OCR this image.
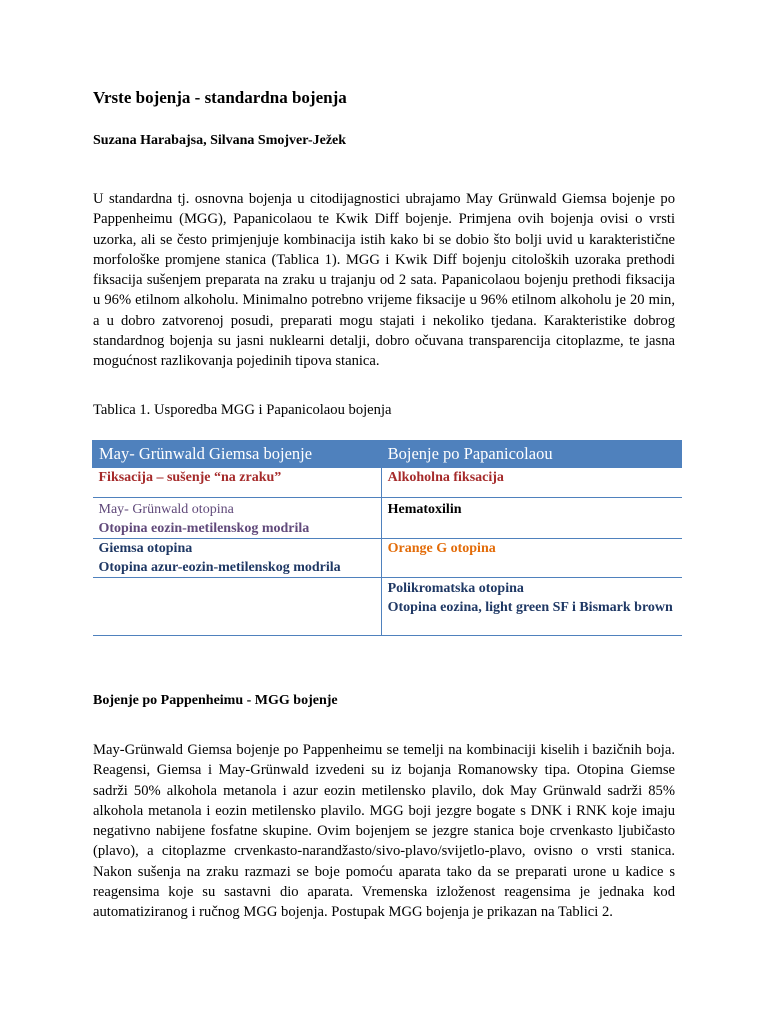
Vrste bojenja - standardna bojenja

Suzana Harabajsa, Silvana Smojver-Ježek

U standardna tj. osnovna bojenja u citodijagnostici ubrajamo May Grünwald Giemsa bojenje po Pappenheimu (MGG), Papanicolaou te Kwik Diff bojenje. Primjena ovih bojenja ovisi o vrsti uzorka, ali se često primjenjuje kombinacija istih kako bi se dobio što bolji uvid u karakteristične morfološke promjene stanica (Tablica 1). MGG i Kwik Diff bojenju citoloških uzoraka prethodi fiksacija sušenjem preparata na zraku u trajanju od 2 sata. Papanicolaou bojenju prethodi fiksacija u 96% etilnom alkoholu. Minimalno potrebno vrijeme fiksacije u 96% etilnom alkoholu je 20 min, a u dobro zatvorenoj posudi, preparati mogu stajati i nekoliko tjedana. Karakteristike dobrog standardnog bojenja su jasni nuklearni detalji, dobro očuvana transparencija citoplazme, te jasna mogućnost razlikovanja pojedinih tipova stanica.

Tablica 1. Usporedba MGG i Papanicolaou bojenja

May- Grünwald Giemsa bojenje	Bojenje po Papanicolaou

Fiksacija – sušenje “na zraku”	Alkoholna fiksacija

May- Grünwald otopina
Otopina eozin-metilenskog modrila	Hematoxilin

Giemsa otopina
Otopina azur-eozin-metilenskog modrila	Orange G otopina

	Polikromatska otopina
Otopina eozina, light green SF i Bismark brown

Bojenje po Pappenheimu - MGG bojenje

May-Grünwald Giemsa bojenje po Pappenheimu se temelji na kombinaciji kiselih i bazičnih boja. Reagensi, Giemsa i May-Grünwald izvedeni su iz bojanja Romanowsky tipa. Otopina Giemse sadrži 50% alkohola metanola i azur eozin metilensko plavilo, dok May Grünwald sadrži 85% alkohola metanola i eozin metilensko plavilo. MGG boji jezgre bogate s DNK i RNK koje imaju negativno nabijene fosfatne skupine. Ovim bojenjem se jezgre stanica boje crvenkasto ljubičasto (plavo), a citoplazme crvenkasto-narandžasto/sivo-plavo/svijetlo-plavo, ovisno o vrsti stanica. Nakon sušenja na zraku razmazi se boje pomoću aparata tako da se preparati urone u kadice s reagensima koje su sastavni dio aparata. Vremenska izloženost reagensima je jednaka kod automatiziranog i ručnog MGG bojenja. Postupak MGG bojenja je prikazan na Tablici 2.
